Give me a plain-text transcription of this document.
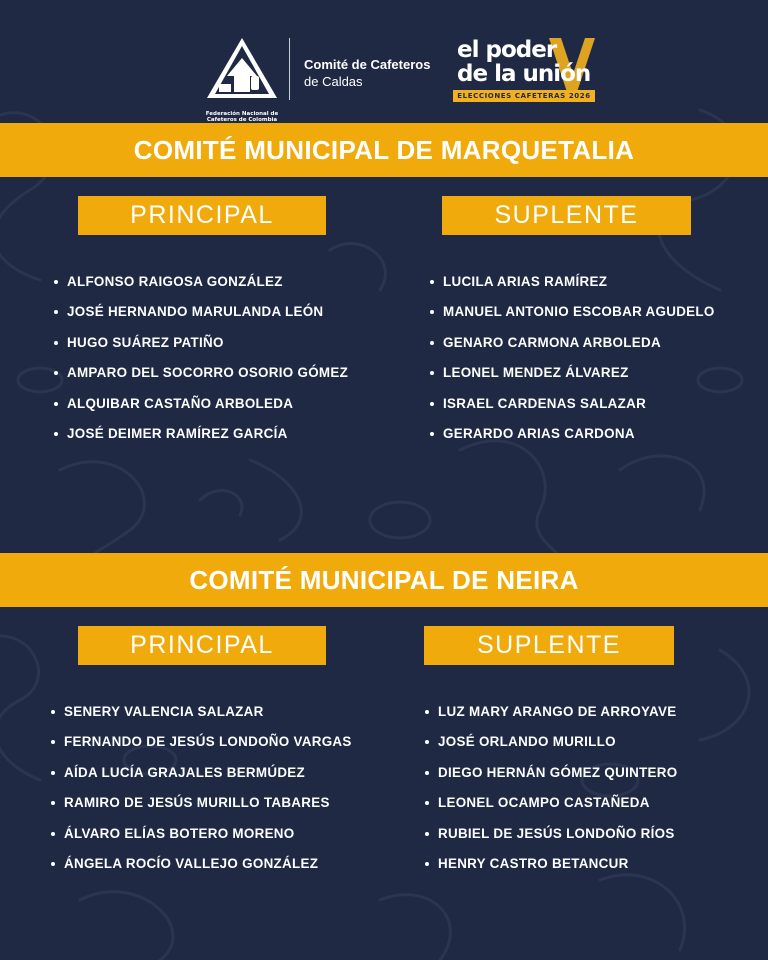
Federación Nacional de
Cafeteros de Colombia
Comité de Cafeteros
de Caldas
el poder
de la unión
ELECCIONES CAFETERAS 2026
COMITÉ MUNICIPAL DE MARQUETALIA
PRINCIPAL	SUPLENTE
ALFONSO RAIGOSA GONZÁLEZ
JOSÉ HERNANDO MARULANDA LEÓN
HUGO SUÁREZ PATIÑO
AMPARO DEL SOCORRO OSORIO GÓMEZ
ALQUIBAR CASTAÑO ARBOLEDA
JOSÉ DEIMER RAMÍREZ GARCÍA
LUCILA ARIAS RAMÍREZ
MANUEL ANTONIO ESCOBAR AGUDELO
GENARO CARMONA ARBOLEDA
LEONEL MENDEZ ÁLVAREZ
ISRAEL CARDENAS SALAZAR
GERARDO ARIAS CARDONA
COMITÉ MUNICIPAL DE NEIRA
PRINCIPAL	SUPLENTE
SENERY VALENCIA SALAZAR
FERNANDO DE JESÚS LONDOÑO VARGAS
AÍDA LUCÍA GRAJALES BERMÚDEZ
RAMIRO DE JESÚS MURILLO TABARES
ÁLVARO ELÍAS BOTERO MORENO
ÁNGELA ROCÍO VALLEJO GONZÁLEZ
LUZ MARY ARANGO DE ARROYAVE
JOSÉ ORLANDO MURILLO
DIEGO HERNÁN GÓMEZ QUINTERO
LEONEL OCAMPO CASTAÑEDA
RUBIEL DE JESÚS LONDOÑO RÍOS
HENRY CASTRO BETANCUR
